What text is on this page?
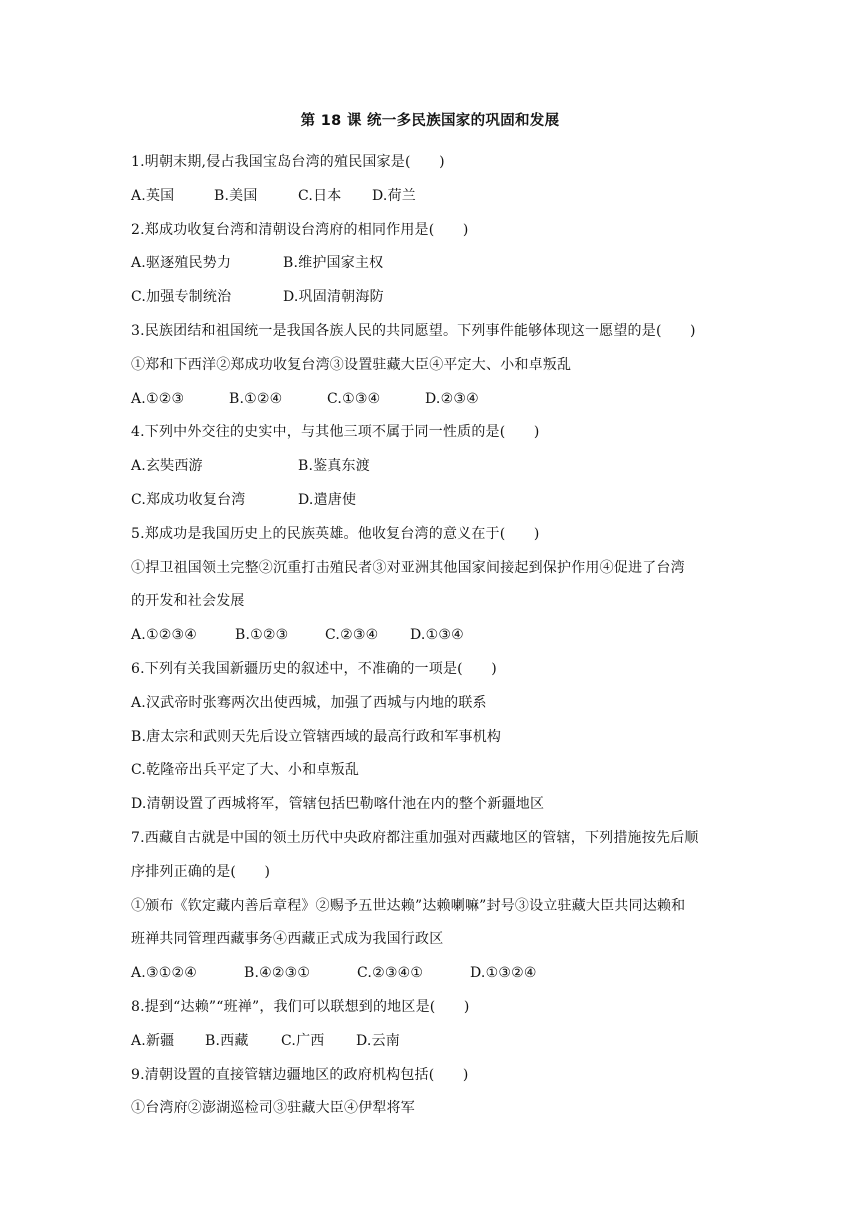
第 18 课 统一多民族国家的巩固和发展
1.明朝末期,侵占我国宝岛台湾的殖民国家是(　　)
A.英国	B.美国	C.日本	D.荷兰
2.郑成功收复台湾和清朝设台湾府的相同作用是(　　)
A.驱逐殖民势力	B.维护国家主权
C.加强专制统治	D.巩固清朝海防
3.民族团结和祖国统一是我国各族人民的共同愿望。下列事件能够体现这一愿望的是(　　)
①郑和下西洋②郑成功收复台湾③设置驻藏大臣④平定大、小和卓叛乱
A.①②③	B.①②④	C.①③④	D.②③④
4.下列中外交往的史实中，与其他三项不属于同一性质的是(　　)
A.玄奘西游	B.鉴真东渡
C.郑成功收复台湾	D.遣唐使
5.郑成功是我国历史上的民族英雄。他收复台湾的意义在于(　　)
①捍卫祖国领土完整②沉重打击殖民者③对亚洲其他国家间接起到保护作用④促进了台湾
的开发和社会发展
A.①②③④	B.①②③	C.②③④	D.①③④
6.下列有关我国新疆历史的叙述中，不准确的一项是(　　)
A.汉武帝时张骞两次出使西城，加强了西城与内地的联系
B.唐太宗和武则天先后设立管辖西域的最高行政和军事机构
C.乾隆帝出兵平定了大、小和卓叛乱
D.清朝设置了西城将军，管辖包括巴勒喀什池在内的整个新疆地区
7.西藏自古就是中国的领土历代中央政府都注重加强对西藏地区的管辖，下列措施按先后顺
序排列正确的是(　　)
①颁布《钦定藏内善后章程》②赐予五世达赖”达赖喇嘛”封号③设立驻藏大臣共同达赖和
班禅共同管理西藏事务④西藏正式成为我国行政区
A.③①②④	B.④②③①	C.②③④①	D.①③②④
8.提到“达赖”“班禅”，我们可以联想到的地区是(　　)
A.新疆	B.西藏	C.广西	D.云南
9.清朝设置的直接管辖边疆地区的政府机构包括(　　)
①台湾府②澎湖巡检司③驻藏大臣④伊犁将军
